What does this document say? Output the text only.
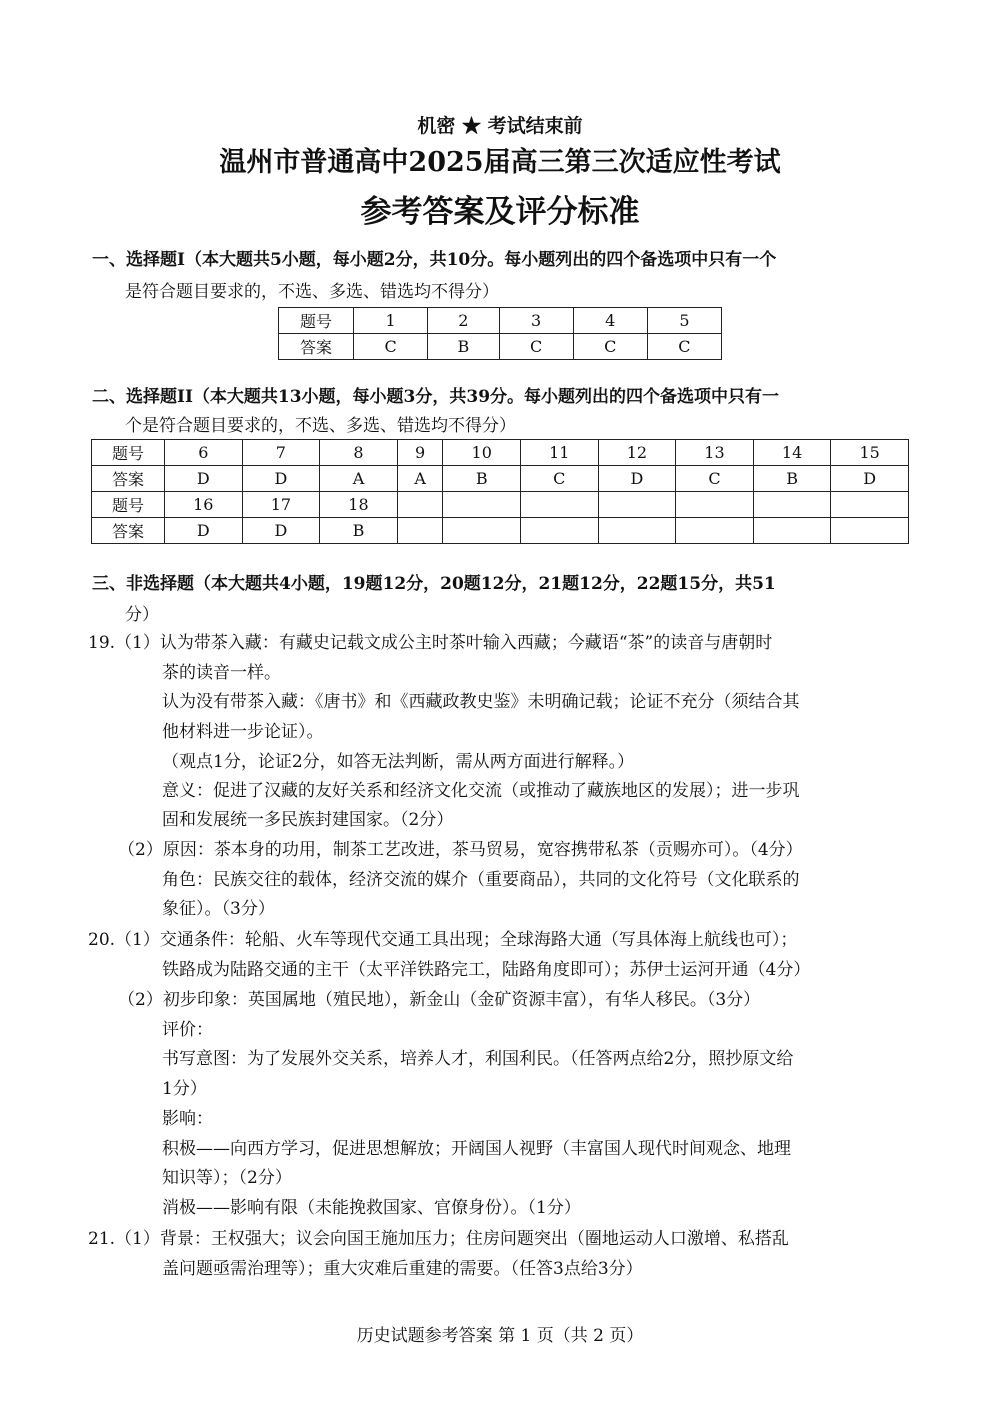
机密 ★ 考试结束前
温州市普通高中2025届高三第三次适应性考试
参考答案及评分标准
一、选择题I（本大题共5小题，每小题2分，共10分。每小题列出的四个备选项中只有一个
是符合题目要求的，不选、多选、错选均不得分）
题号	1	2	3	4	5
答案	C	B	C	C	C
二、选择题II（本大题共13小题，每小题3分，共39分。每小题列出的四个备选项中只有一
个是符合题目要求的，不选、多选、错选均不得分）
题号	6	7	8	9	10	11	12	13	14	15
答案	D	D	A	A	B	C	D	C	B	D
题号	16	17	18							
答案	D	D	B							
三、非选择题（本大题共4小题，19题12分，20题12分，21题12分，22题15分，共51
分）
19.（1）认为带茶入藏：有藏史记载文成公主时茶叶输入西藏；今藏语“茶”的读音与唐朝时
茶的读音一样。
认为没有带茶入藏：《唐书》和《西藏政教史鉴》未明确记载；论证不充分（须结合其
他材料进一步论证）。
（观点1分，论证2分，如答无法判断，需从两方面进行解释。）
意义：促进了汉藏的友好关系和经济文化交流（或推动了藏族地区的发展）；进一步巩
固和发展统一多民族封建国家。（2分）
（2）原因：茶本身的功用，制茶工艺改进，茶马贸易，宽容携带私茶（贡赐亦可）。（4分）
角色：民族交往的载体，经济交流的媒介（重要商品），共同的文化符号（文化联系的
象征）。（3分）
20.（1）交通条件：轮船、火车等现代交通工具出现；全球海路大通（写具体海上航线也可）；
铁路成为陆路交通的主干（太平洋铁路完工，陆路角度即可）；苏伊士运河开通（4分）
（2）初步印象：英国属地（殖民地），新金山（金矿资源丰富），有华人移民。（3分）
评价：
书写意图：为了发展外交关系，培养人才，利国利民。（任答两点给2分，照抄原文给
1分）
影响：
积极——向西方学习，促进思想解放；开阔国人视野（丰富国人现代时间观念、地理
知识等）；（2分）
消极——影响有限（未能挽救国家、官僚身份）。（1分）
21.（1）背景：王权强大；议会向国王施加压力；住房问题突出（圈地运动人口激增、私搭乱
盖问题亟需治理等）；重大灾难后重建的需要。（任答3点给3分）
历史试题参考答案 第 1 页（共 2 页）
